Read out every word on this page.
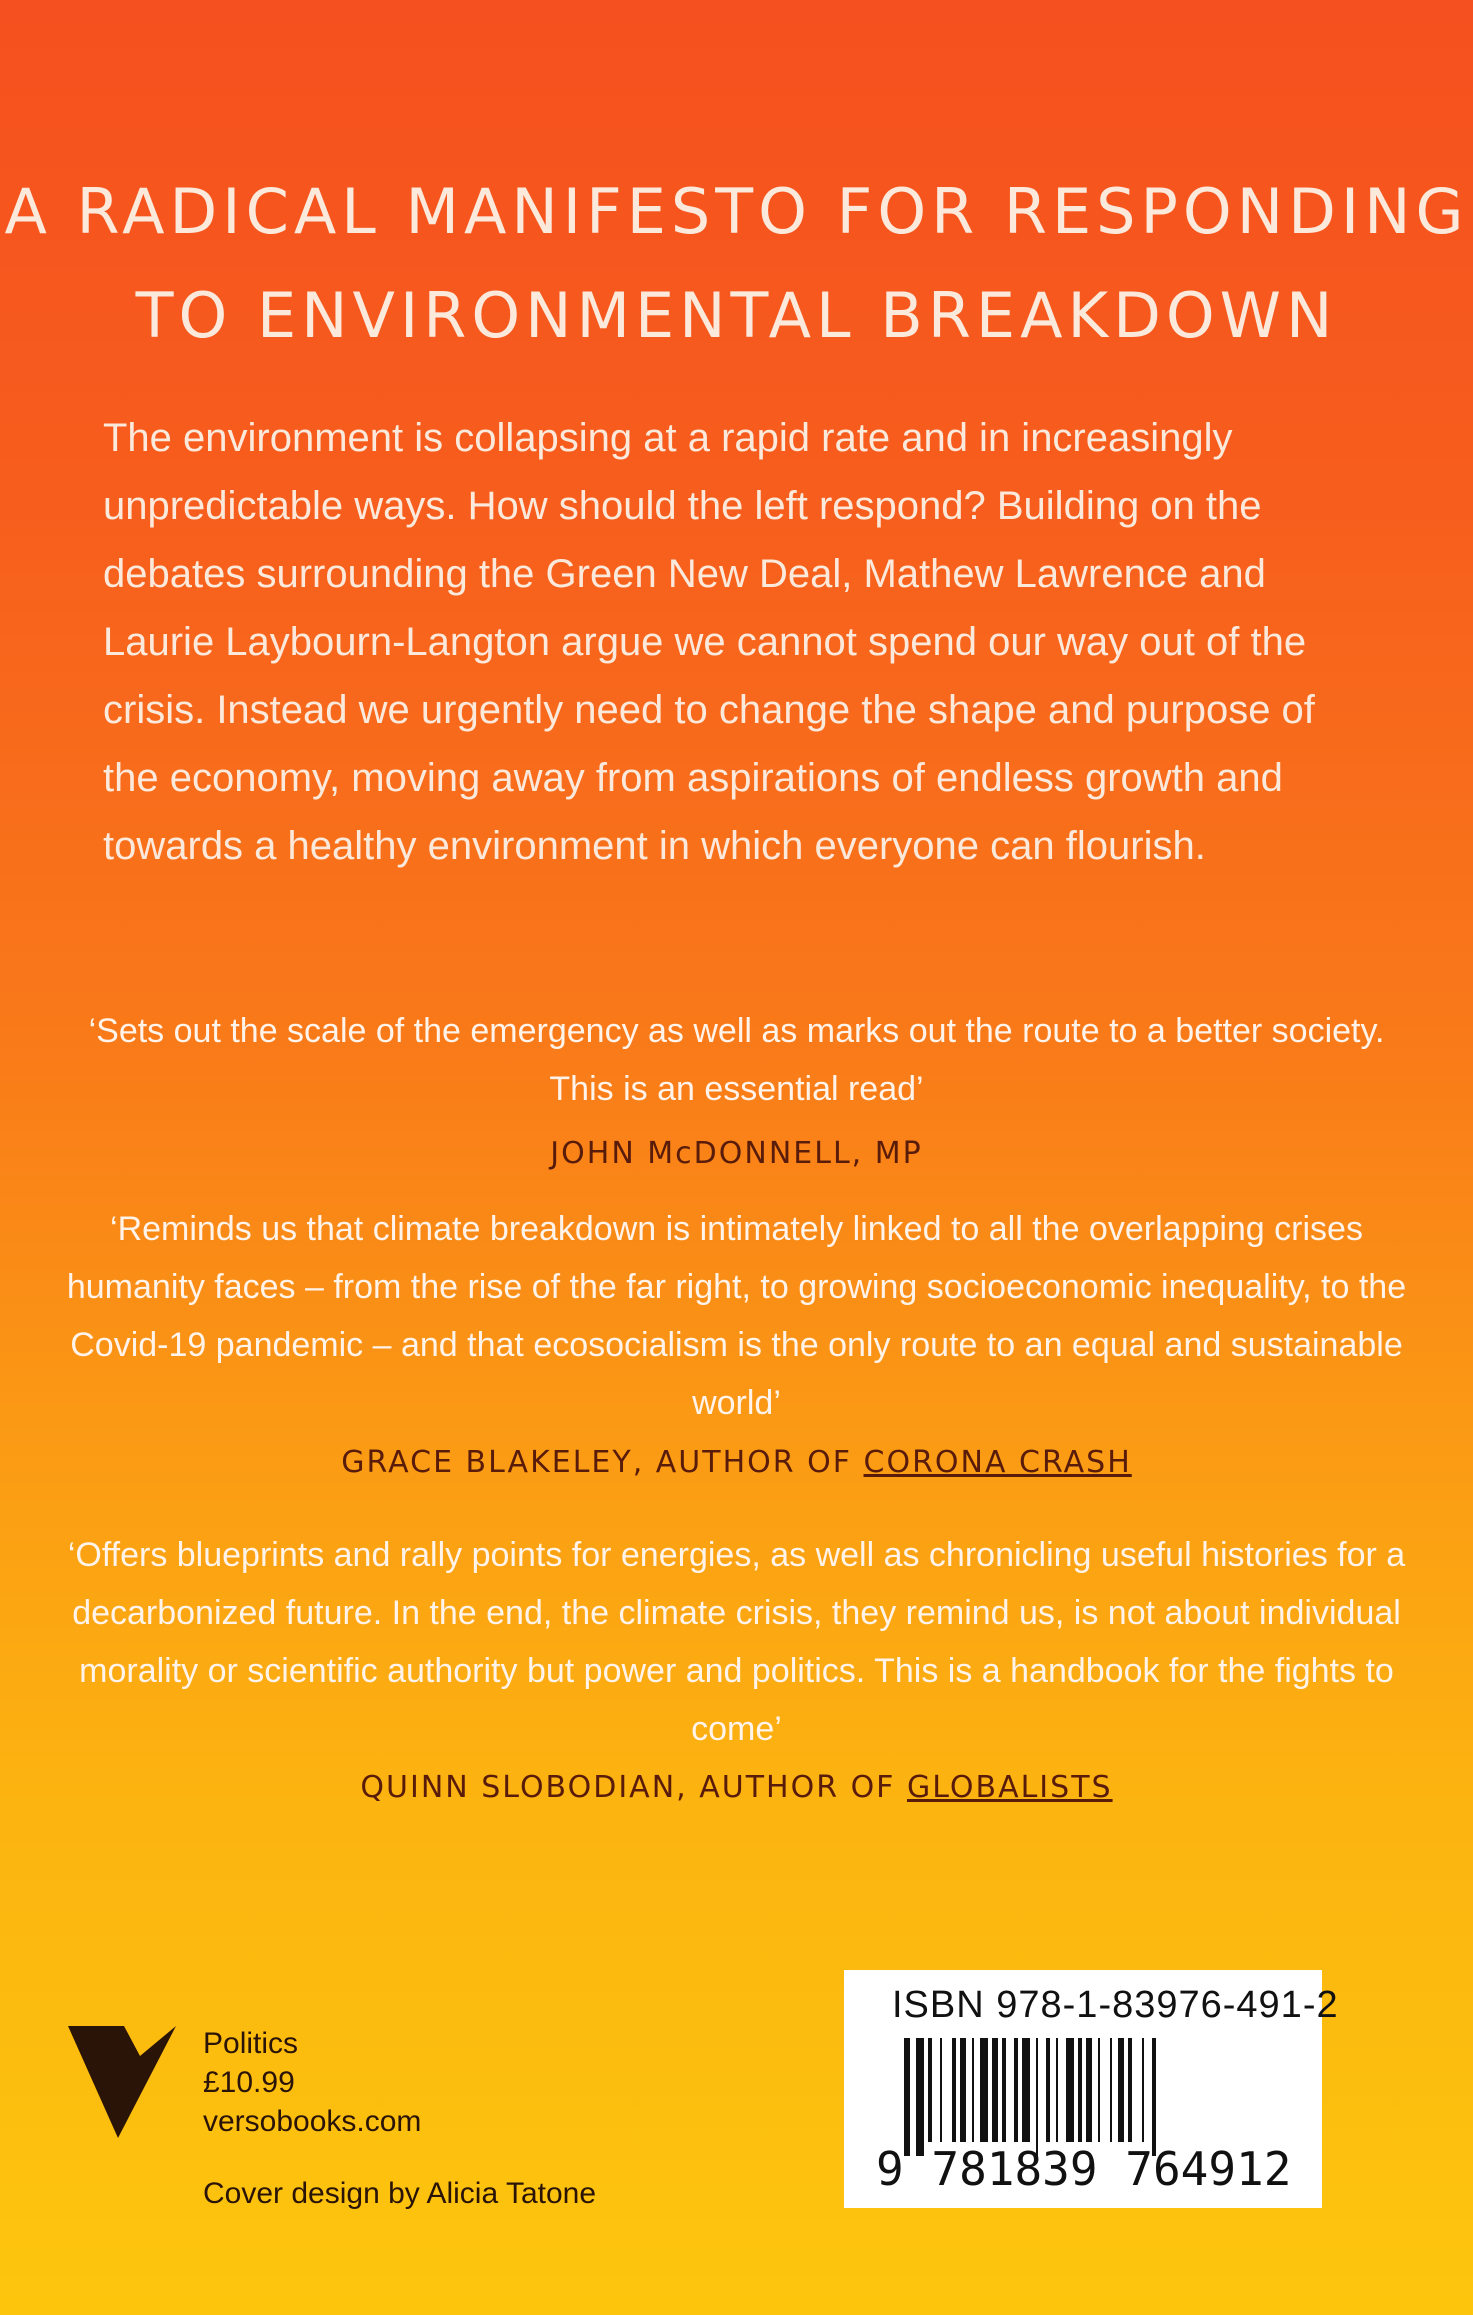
A RADICAL MANIFESTO FOR RESPONDING
TO ENVIRONMENTAL BREAKDOWN

The environment is collapsing at a rapid rate and in increasingly unpredictable ways. How should the left respond? Building on the debates surrounding the Green New Deal, Mathew Lawrence and Laurie Laybourn-Langton argue we cannot spend our way out of the crisis. Instead we urgently need to change the shape and purpose of the economy, moving away from aspirations of endless growth and towards a healthy environment in which everyone can flourish.

‘Sets out the scale of the emergency as well as marks out the route to a better society. This is an essential read’

JOHN McDONNELL, MP

‘Reminds us that climate breakdown is intimately linked to all the overlapping crises humanity faces – from the rise of the far right, to growing socioeconomic inequality, to the Covid-19 pandemic – and that ecosocialism is the only route to an equal and sustainable world’

GRACE BLAKELEY, AUTHOR OF CORONA CRASH

‘Offers blueprints and rally points for energies, as well as chronicling useful histories for a decarbonized future. In the end, the climate crisis, they remind us, is not about individual morality or scientific authority but power and politics. This is a handbook for the fights to come’

QUINN SLOBODIAN, AUTHOR OF GLOBALISTS
Politics
£10.99
versobooks.com
Cover design by Alicia Tatone
ISBN 978-1-83976-491-2
9 781839 764912
